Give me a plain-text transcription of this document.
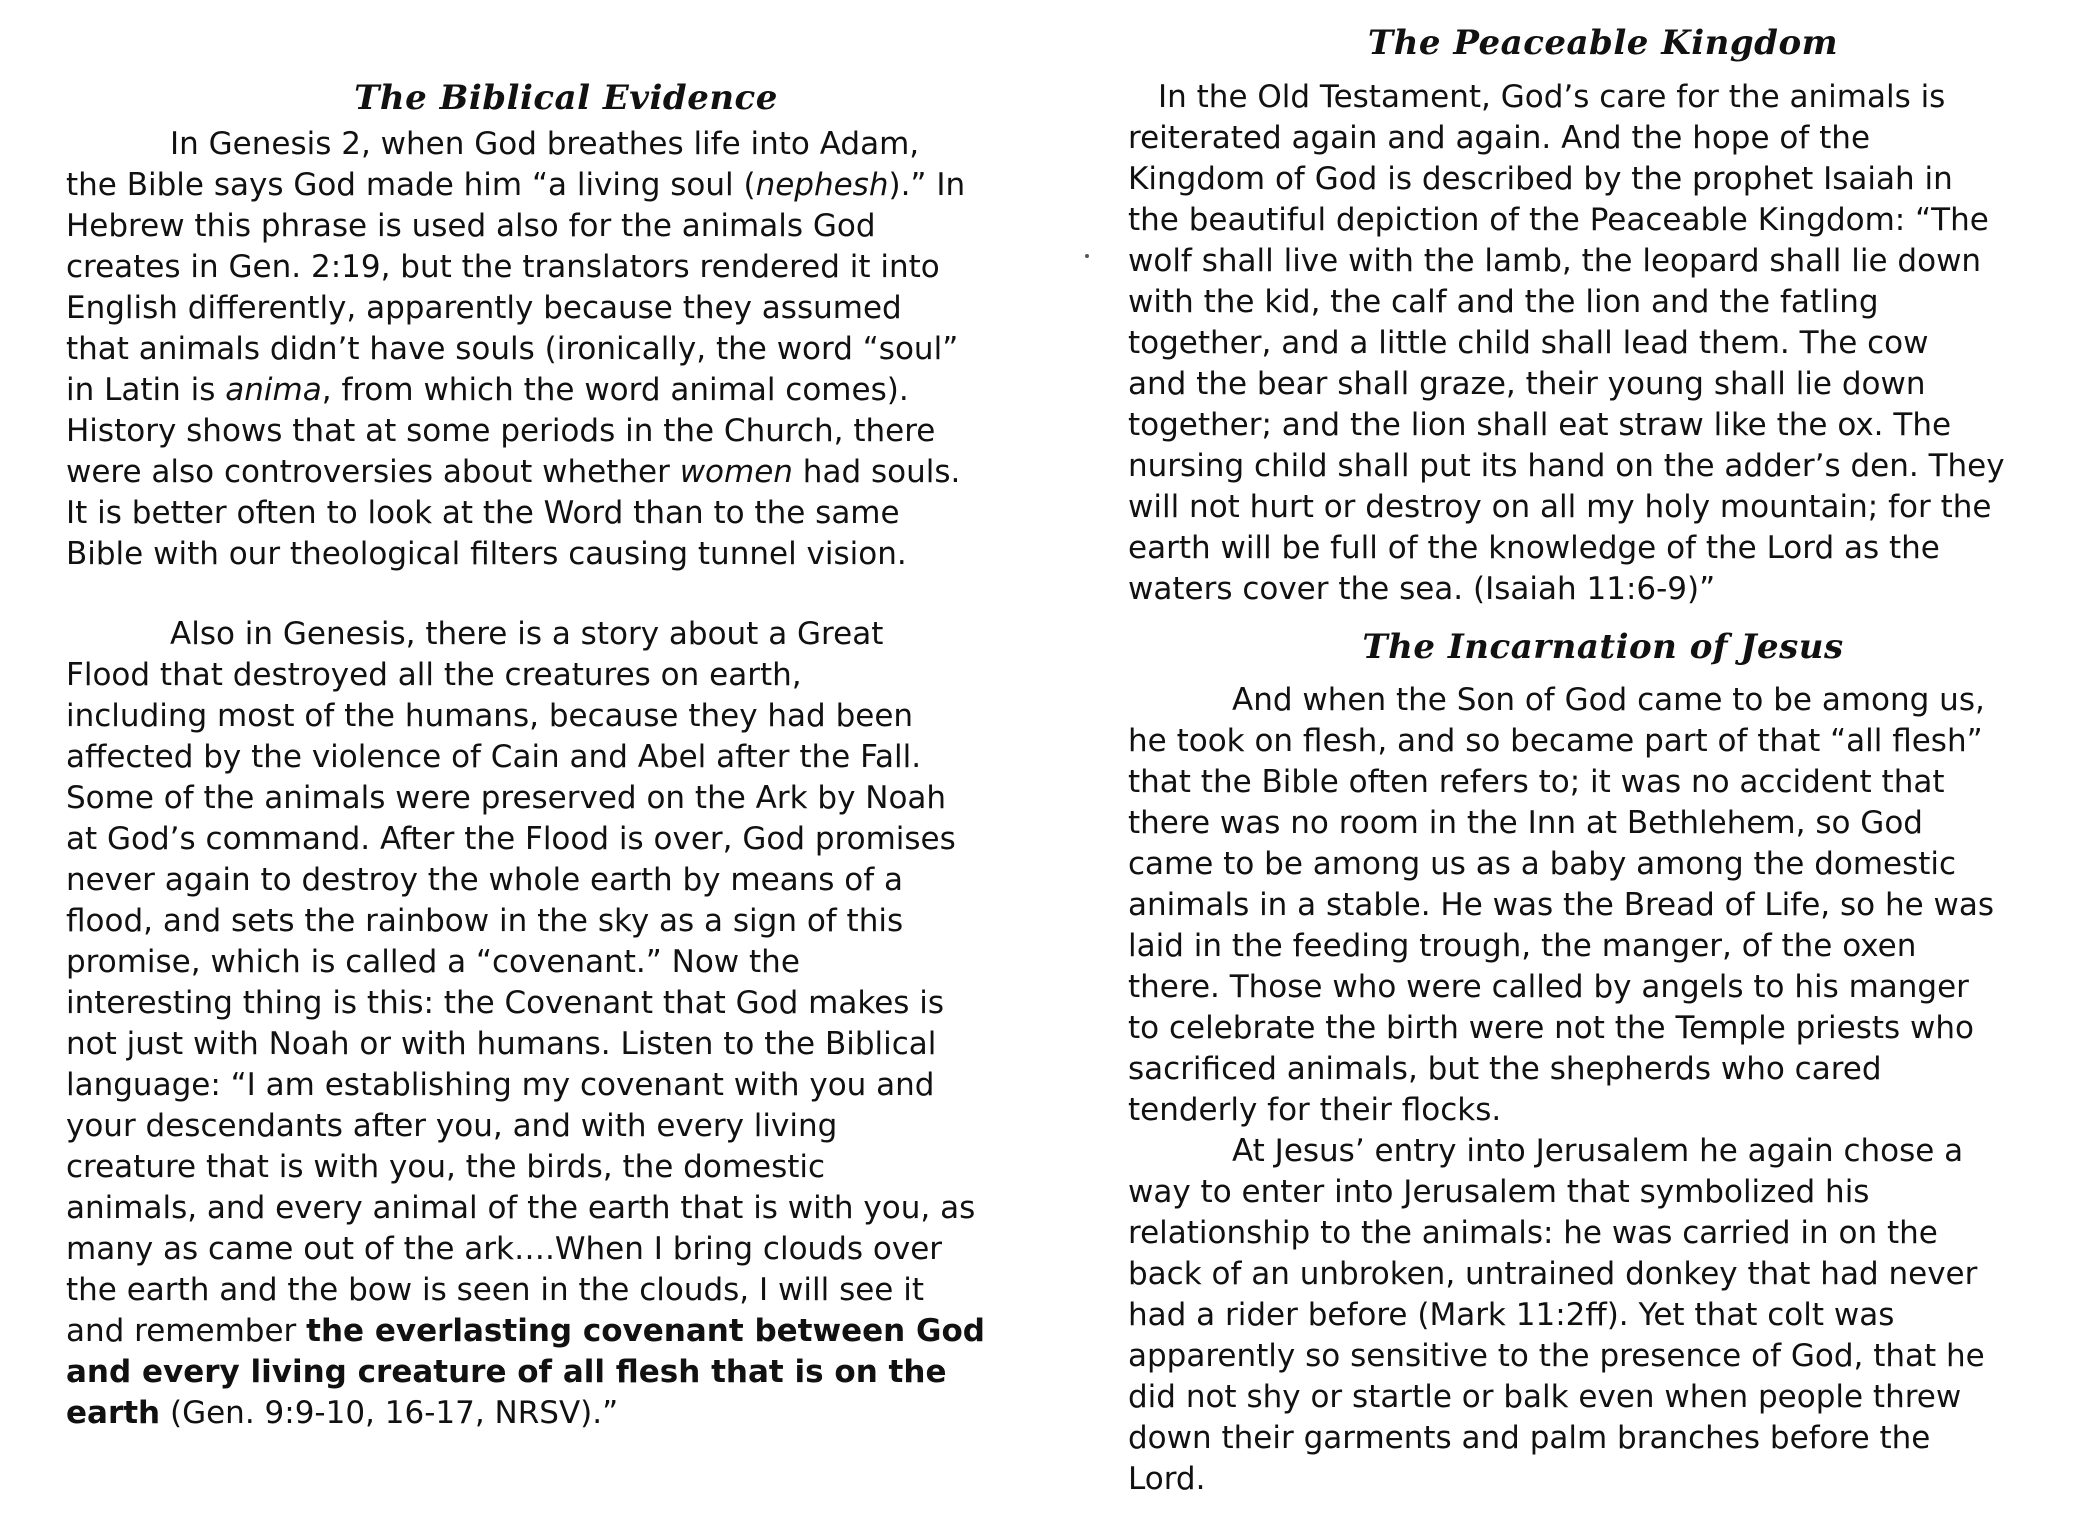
The Biblical Evidence
In Genesis 2, when God breathes life into Adam,
the Bible says God made him “a living soul (nephesh).” In
Hebrew this phrase is used also for the animals God
creates in Gen. 2:19, but the translators rendered it into
English differently, apparently because they assumed
that animals didn’t have souls (ironically, the word “soul”
in Latin is anima, from which the word animal comes).
History shows that at some periods in the Church, there
were also controversies about whether women had souls.
It is better often to look at the Word than to the same
Bible with our theological filters causing tunnel vision.
Also in Genesis, there is a story about a Great
Flood that destroyed all the creatures on earth,
including most of the humans, because they had been
affected by the violence of Cain and Abel after the Fall.
Some of the animals were preserved on the Ark by Noah
at God’s command. After the Flood is over, God promises
never again to destroy the whole earth by means of a
flood, and sets the rainbow in the sky as a sign of this
promise, which is called a “covenant.” Now the
interesting thing is this: the Covenant that God makes is
not just with Noah or with humans. Listen to the Biblical
language: “I am establishing my covenant with you and
your descendants after you, and with every living
creature that is with you, the birds, the domestic
animals, and every animal of the earth that is with you, as
many as came out of the ark….When I bring clouds over
the earth and the bow is seen in the clouds, I will see it
and remember the everlasting covenant between God
and every living creature of all flesh that is on the
earth (Gen. 9:9-10, 16-17, NRSV).”
The Peaceable Kingdom
In the Old Testament, God’s care for the animals is
reiterated again and again. And the hope of the
Kingdom of God is described by the prophet Isaiah in
the beautiful depiction of the Peaceable Kingdom: “The
wolf shall live with the lamb, the leopard shall lie down
with the kid, the calf and the lion and the fatling
together, and a little child shall lead them. The cow
and the bear shall graze, their young shall lie down
together; and the lion shall eat straw like the ox. The
nursing child shall put its hand on the adder’s den. They
will not hurt or destroy on all my holy mountain; for the
earth will be full of the knowledge of the Lord as the
waters cover the sea. (Isaiah 11:6-9)”
The Incarnation of Jesus
And when the Son of God came to be among us,
he took on flesh, and so became part of that “all flesh”
that the Bible often refers to; it was no accident that
there was no room in the Inn at Bethlehem, so God
came to be among us as a baby among the domestic
animals in a stable. He was the Bread of Life, so he was
laid in the feeding trough, the manger, of the oxen
there. Those who were called by angels to his manger
to celebrate the birth were not the Temple priests who
sacrificed animals, but the shepherds who cared
tenderly for their flocks.
At Jesus’ entry into Jerusalem he again chose a
way to enter into Jerusalem that symbolized his
relationship to the animals: he was carried in on the
back of an unbroken, untrained donkey that had never
had a rider before (Mark 11:2ff). Yet that colt was
apparently so sensitive to the presence of God, that he
did not shy or startle or balk even when people threw
down their garments and palm branches before the
Lord.
